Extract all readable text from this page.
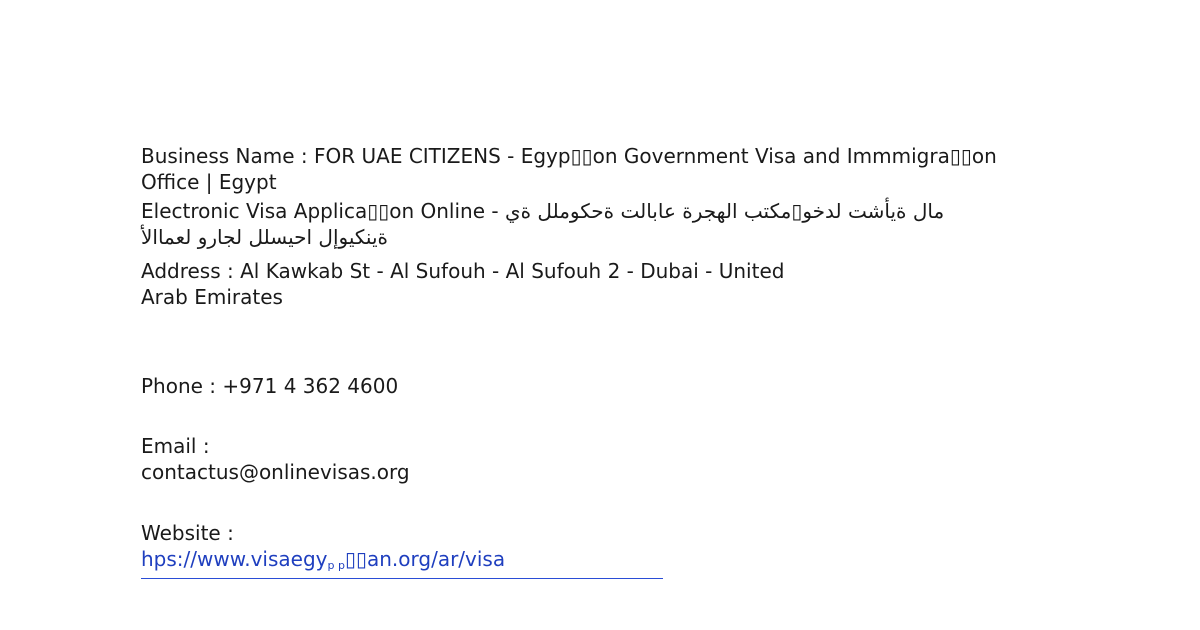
Business Name : FOR UAE CITIZENS - Egyp▯▯on Government Visa and Immmigra▯▯on

Office | Egypt

Electronic Visa Applica▯▯on Online - مال ةيأشت لدخو▯مكتب الهجرة عابالت ةحكوملل ةي

ةينكيوإل احيسلل لجارو لعماالأ

Address : Al Kawkab St - Al Sufouh - Al Sufouh 2 - Dubai - United

Arab Emirates

Phone : +971 4 362 4600

Email :

contactus@onlinevisas.org

Website :

hps://www.visaegyp p▯▯an.org/ar/visa
